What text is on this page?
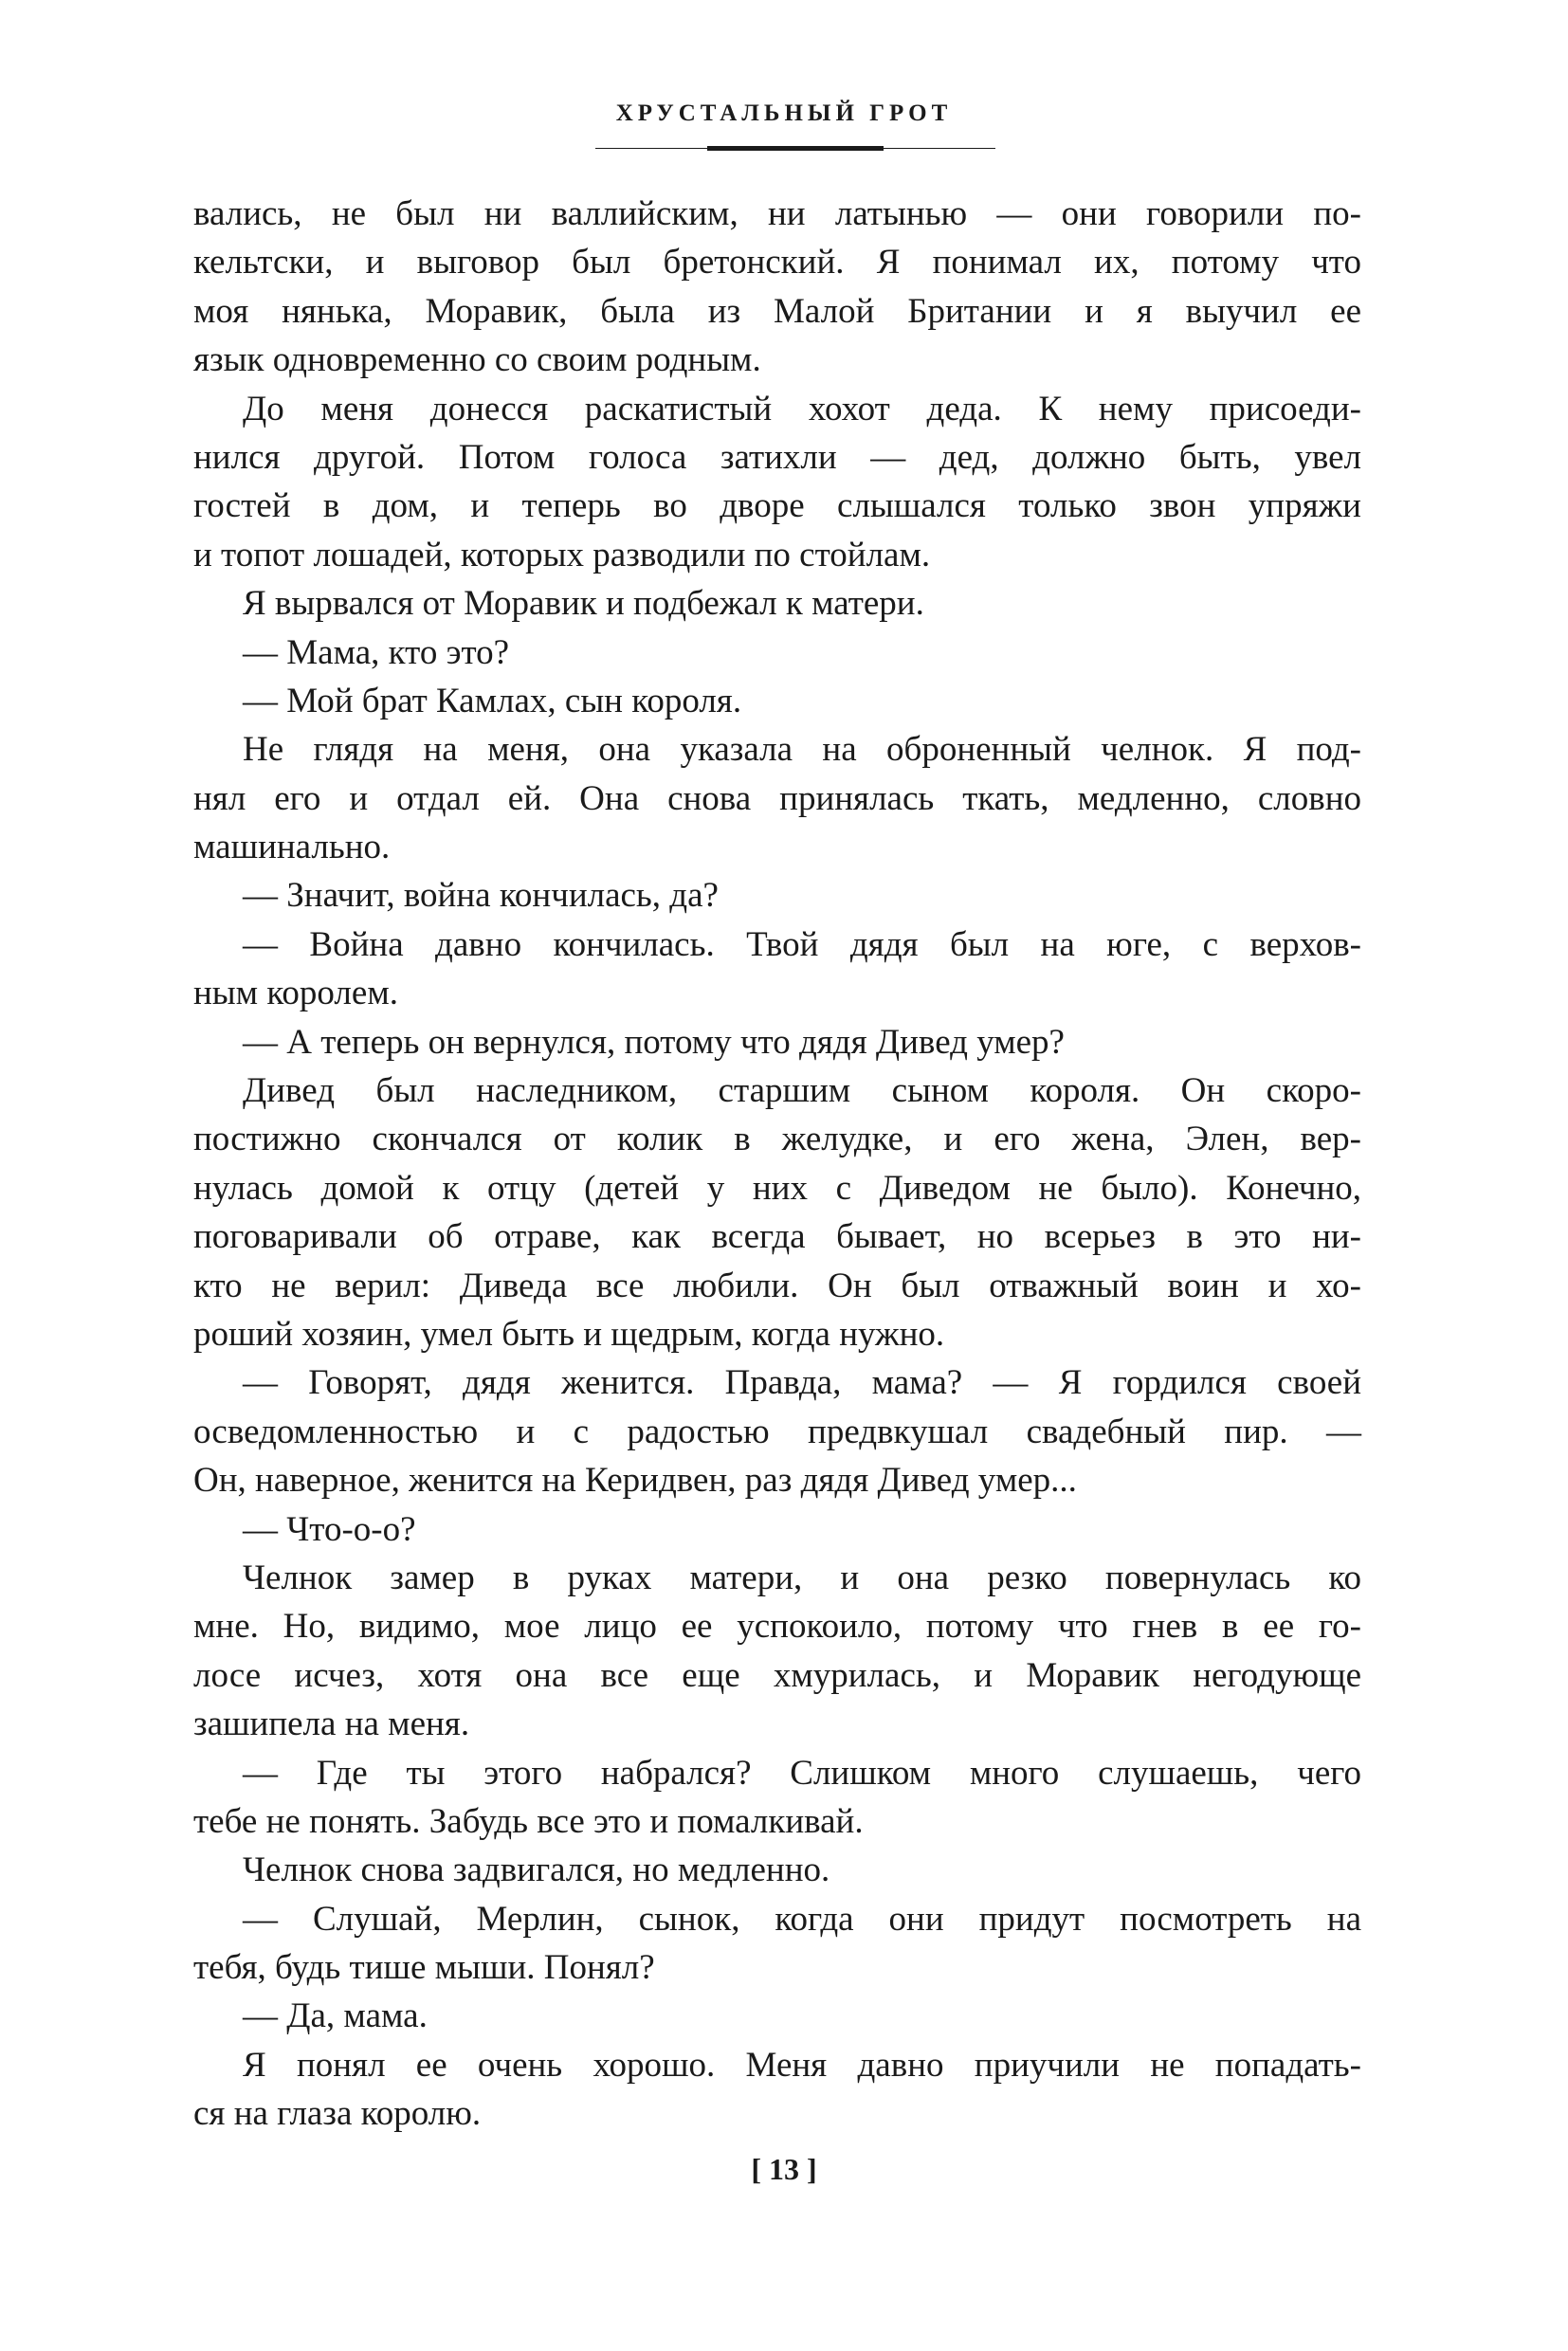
ХРУСТАЛЬНЫЙ ГРОТ
вались, не был ни валлийским, ни латынью — они говорили по-
кельтски, и выговор был бретонский. Я понимал их, потому что
моя нянька, Моравик, была из Малой Британии и я выучил ее
язык одновременно со своим родным.
До меня донесся раскатистый хохот деда. К нему присоеди-
нился другой. Потом голоса затихли — дед, должно быть, увел
гостей в дом, и теперь во дворе слышался только звон упряжи
и топот лошадей, которых разводили по стойлам.
Я вырвался от Моравик и подбежал к матери.
— Мама, кто это?
— Мой брат Камлах, сын короля.
Не глядя на меня, она указала на оброненный челнок. Я под-
нял его и отдал ей. Она снова принялась ткать, медленно, словно
машинально.
— Значит, война кончилась, да?
— Война давно кончилась. Твой дядя был на юге, с верхов-
ным королем.
— А теперь он вернулся, потому что дядя Дивед умер?
Дивед был наследником, старшим сыном короля. Он скоро-
постижно скончался от колик в желудке, и его жена, Элен, вер-
нулась домой к отцу (детей у них с Диведом не было). Конечно,
поговаривали об отраве, как всегда бывает, но всерьез в это ни-
кто не верил: Диведа все любили. Он был отважный воин и хо-
роший хозяин, умел быть и щедрым, когда нужно.
— Говорят, дядя женится. Правда, мама? — Я гордился своей
осведомленностью и с радостью предвкушал свадебный пир. —
Он, наверное, женится на Керидвен, раз дядя Дивед умер...
— Что-о-о?
Челнок замер в руках матери, и она резко повернулась ко
мне. Но, видимо, мое лицо ее успокоило, потому что гнев в ее го-
лосе исчез, хотя она все еще хмурилась, и Моравик негодующе
зашипела на меня.
— Где ты этого набрался? Слишком много слушаешь, чего
тебе не понять. Забудь все это и помалкивай.
Челнок снова задвигался, но медленно.
— Слушай, Мерлин, сынок, когда они придут посмотреть на
тебя, будь тише мыши. Понял?
— Да, мама.
Я понял ее очень хорошо. Меня давно приучили не попадать-
ся на глаза королю.
[ 13 ]
